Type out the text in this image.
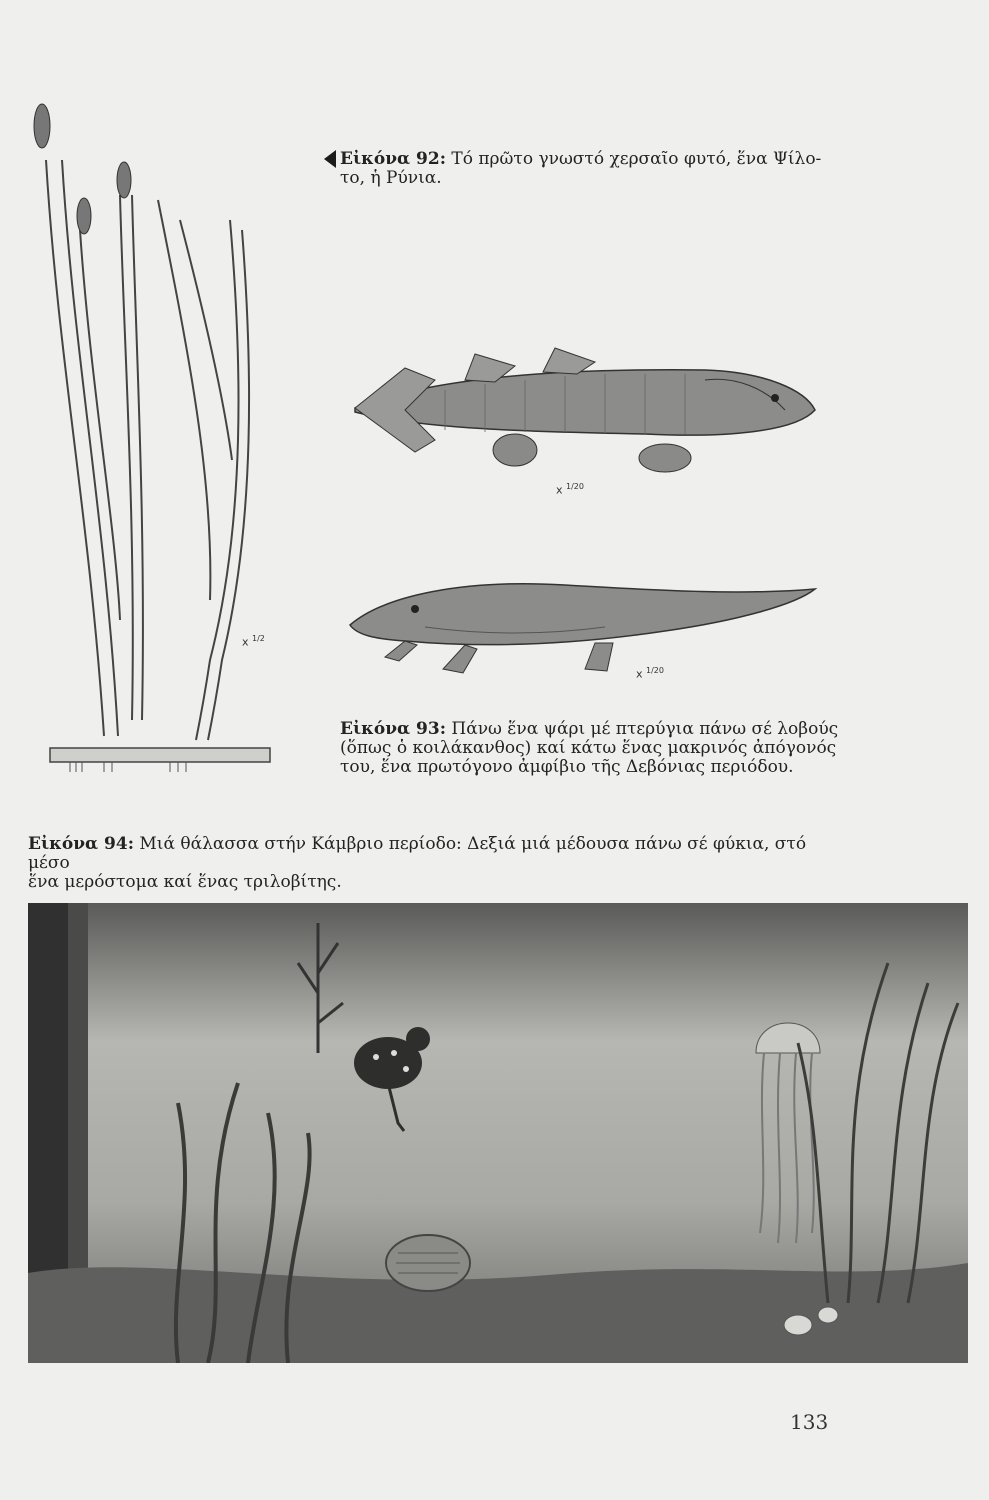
x $^{1/2}$
Εἰκόνα 92: Τό πρῶτο γνωστό χερσαῖο φυτό, ἕνα Ψίλο-
το, ἡ Ρύνια.
x $^{1/20}$
x $^{1/20}$
Εἰκόνα 93: Πάνω ἕνα ψάρι μέ πτερύγια πάνω σέ λοβούς
(ὅπως ὁ κοιλάκανθος) καί κάτω ἕνας μακρινός ἀπόγονός
του, ἕνα πρωτόγονο ἀμφίβιο τῆς Δεβόνιας περιόδου.
Εἰκόνα 94: Μιά θάλασσα στήν Κάμβριο περίοδο: Δεξιά μιά μέδουσα πάνω σέ φύκια, στό μέσο
ἕνα μερόστομα καί ἕνας τριλοβίτης.
133
